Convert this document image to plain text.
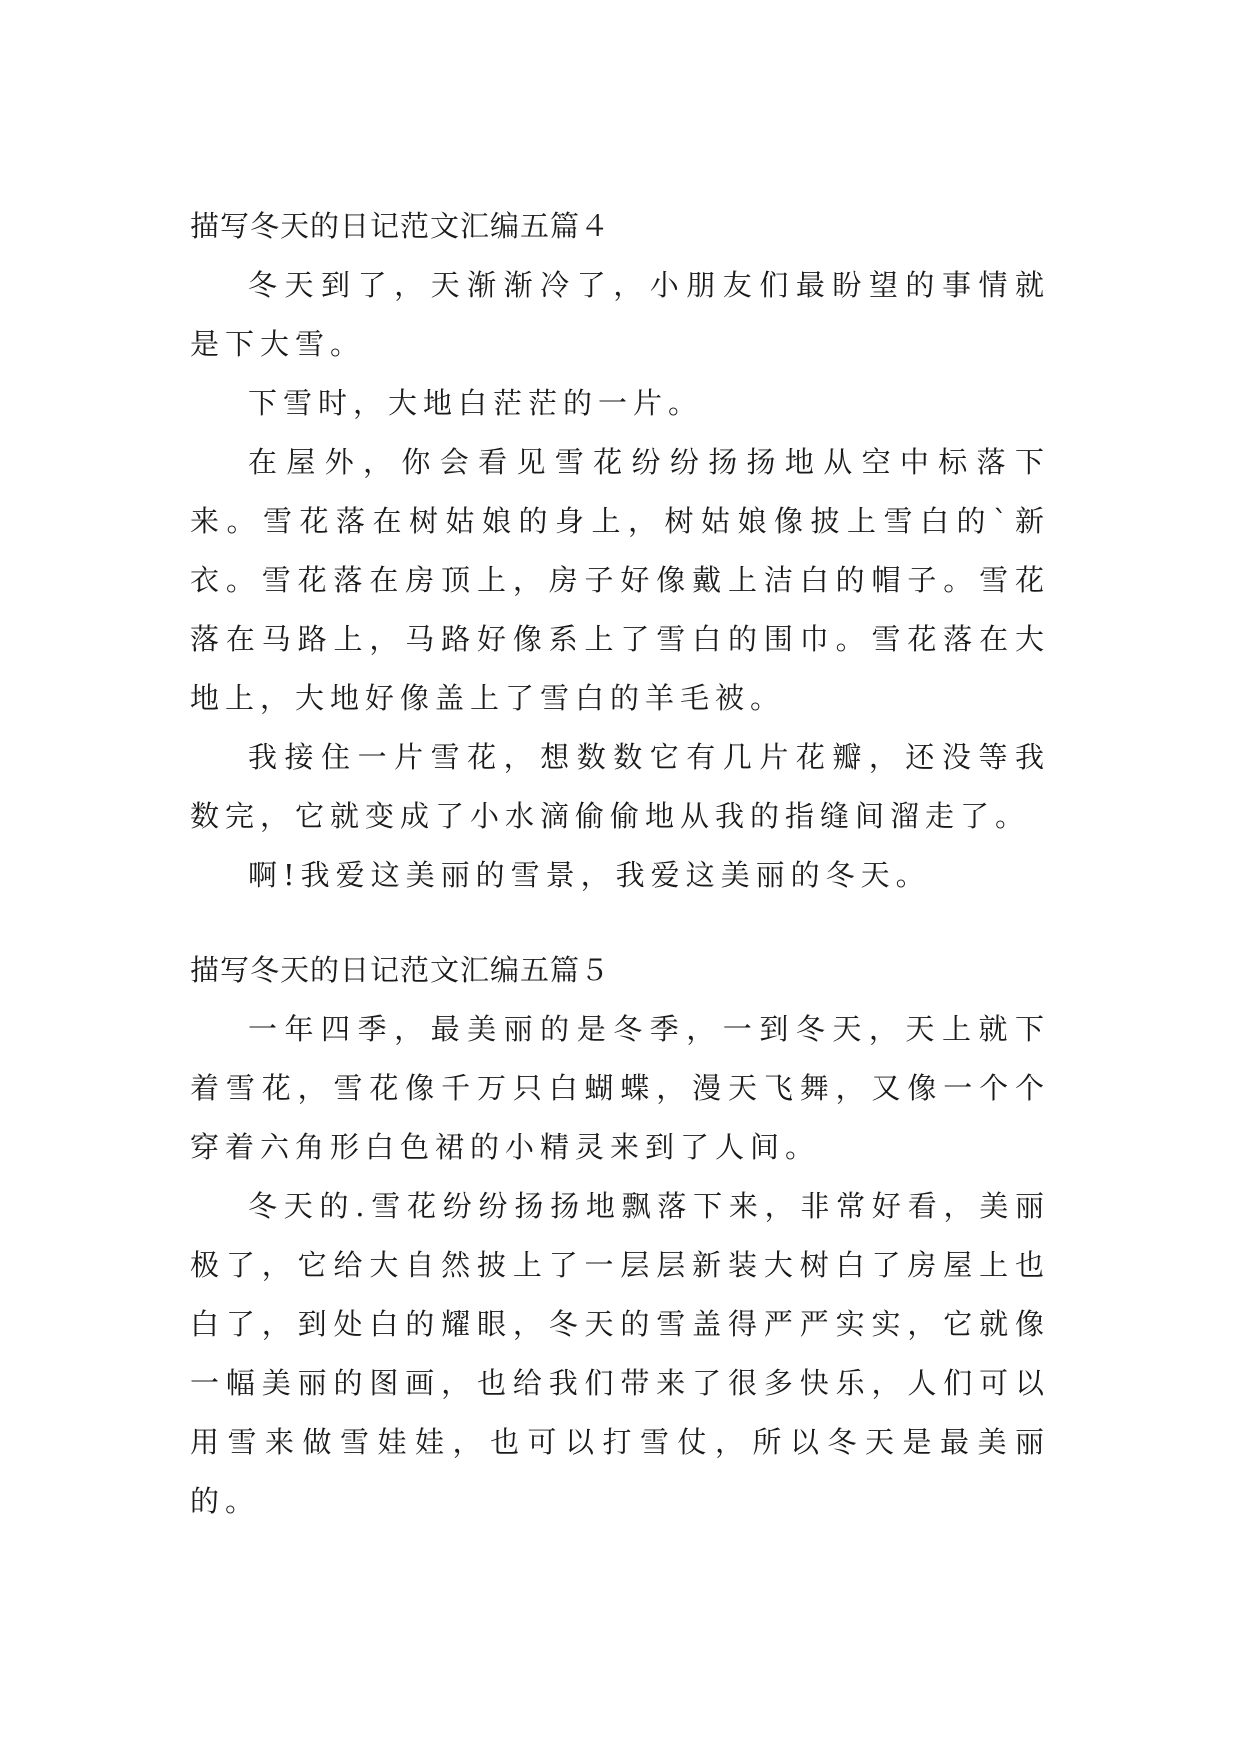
描写冬天的日记范文汇编五篇４

冬天到了，天渐渐冷了，小朋友们最盼望的事情就是下大雪。

下雪时，大地白茫茫的一片。

在屋外，你会看见雪花纷纷扬扬地从空中标落下来。雪花落在树姑娘的身上，树姑娘像披上雪白的`新衣。雪花落在房顶上，房子好像戴上洁白的帽子。雪花落在马路上，马路好像系上了雪白的围巾。雪花落在大地上，大地好像盖上了雪白的羊毛被。

我接住一片雪花，想数数它有几片花瓣，还没等我数完，它就变成了小水滴偷偷地从我的指缝间溜走了。

啊!我爱这美丽的雪景，我爱这美丽的冬天。

描写冬天的日记范文汇编五篇５

一年四季，最美丽的是冬季，一到冬天，天上就下着雪花，雪花像千万只白蝴蝶，漫天飞舞，又像一个个穿着六角形白色裙的小精灵来到了人间。

冬天的.雪花纷纷扬扬地飘落下来，非常好看，美丽极了，它给大自然披上了一层层新装大树白了房屋上也白了，到处白的耀眼，冬天的雪盖得严严实实，它就像一幅美丽的图画，也给我们带来了很多快乐，人们可以用雪来做雪娃娃，也可以打雪仗，所以冬天是最美丽的。
